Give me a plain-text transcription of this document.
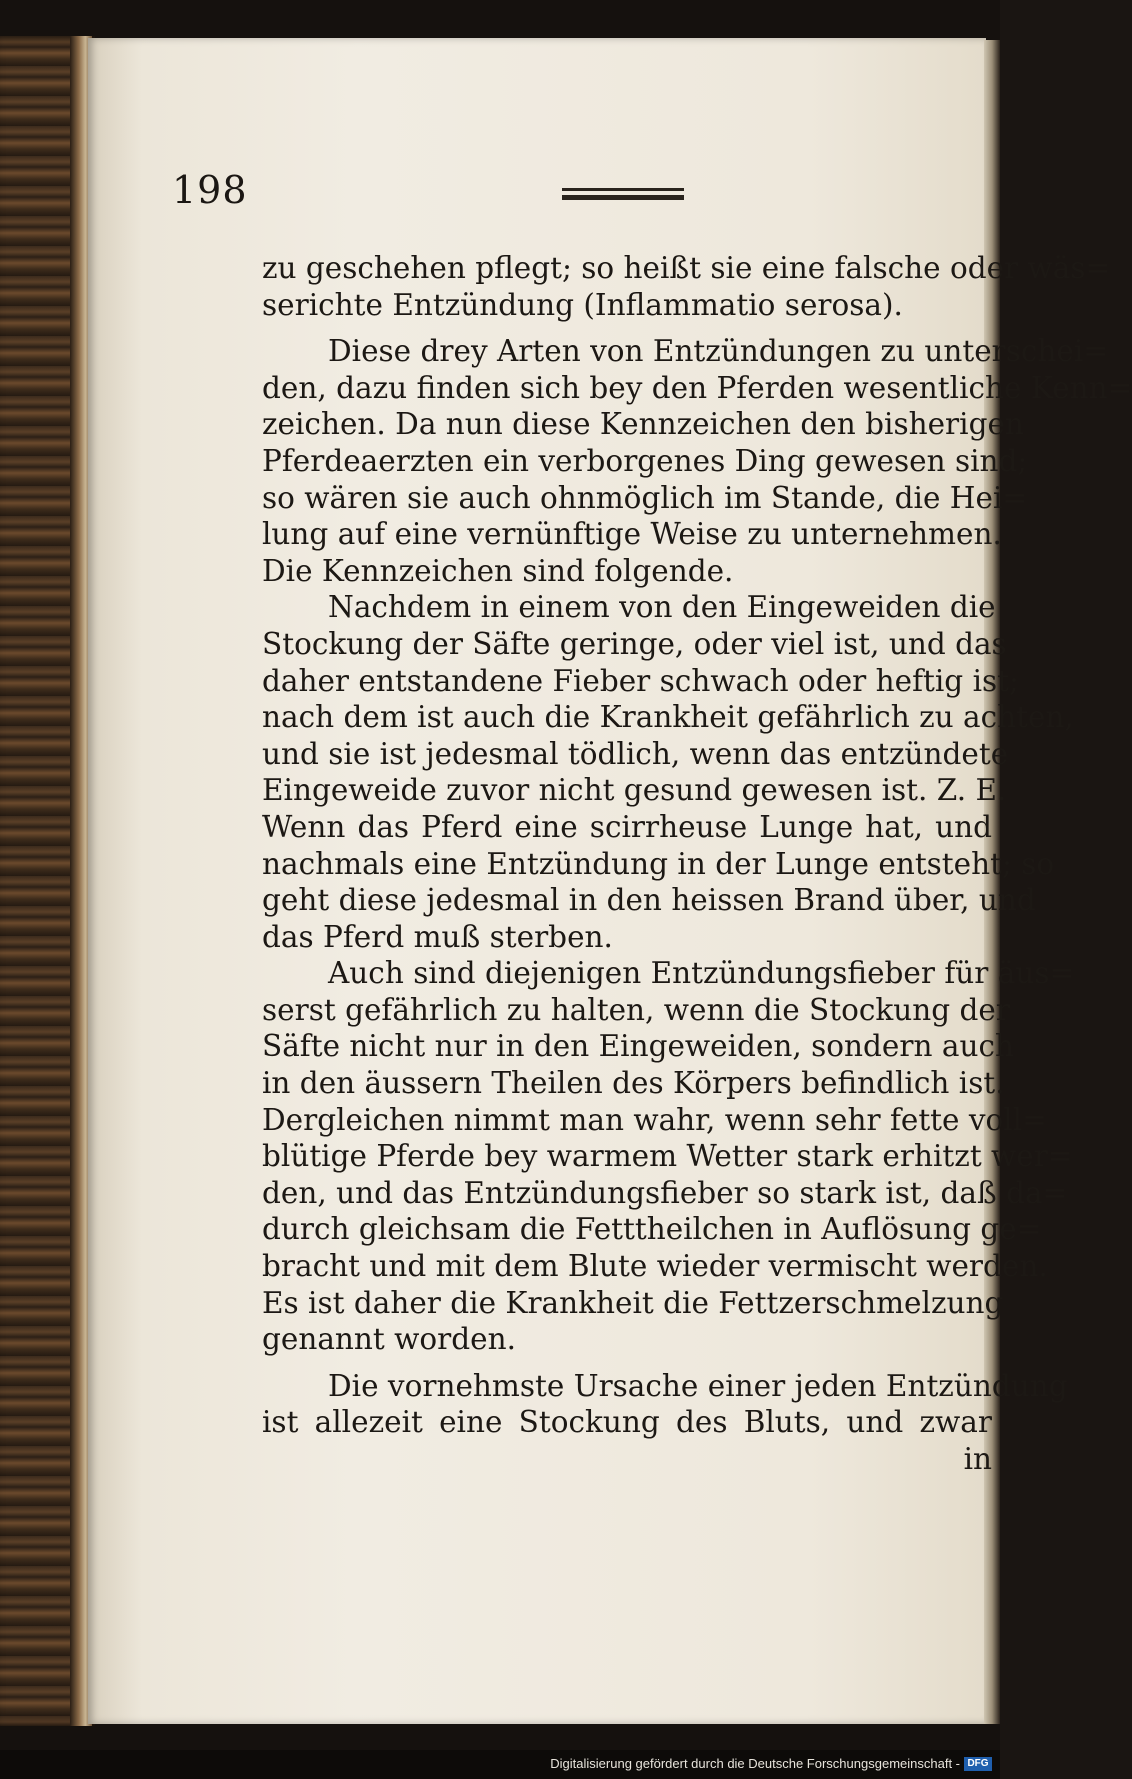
198
zu geschehen pflegt; so heißt sie eine falsche oder wäs=
serichte Entzündung (Inflammatio serosa).
Diese drey Arten von Entzündungen zu unterschei=
den, dazu finden sich bey den Pferden wesentliche Kenn=
zeichen. Da nun diese Kennzeichen den bisherigen
Pferdeaerzten ein verborgenes Ding gewesen sind;
so wären sie auch ohnmöglich im Stande, die Hei=
lung auf eine vernünftige Weise zu unternehmen.
Die Kennzeichen sind folgende.
Nachdem in einem von den Eingeweiden die
Stockung der Säfte geringe, oder viel ist, und das
daher entstandene Fieber schwach oder heftig ist;
nach dem ist auch die Krankheit gefährlich zu achten,
und sie ist jedesmal tödlich, wenn das entzündete
Eingeweide zuvor nicht gesund gewesen ist. Z. E.
Wenn das Pferd eine scirrheuse Lunge hat, und
nachmals eine Entzündung in der Lunge entsteht; so
geht diese jedesmal in den heissen Brand über, und
das Pferd muß sterben.
Auch sind diejenigen Entzündungsfieber für äus=
serst gefährlich zu halten, wenn die Stockung der
Säfte nicht nur in den Eingeweiden, sondern auch
in den äussern Theilen des Körpers befindlich ist.
Dergleichen nimmt man wahr, wenn sehr fette voll=
blütige Pferde bey warmem Wetter stark erhitzt wer=
den, und das Entzündungsfieber so stark ist, daß da=
durch gleichsam die Fetttheilchen in Auflösung ge=
bracht und mit dem Blute wieder vermischt werden.
Es ist daher die Krankheit die Fettzerschmelzung
genannt worden.
Die vornehmste Ursache einer jeden Entzündung
ist allezeit eine Stockung des Bluts, und zwar
in
Digitalisierung gefördert durch die Deutsche Forschungsgemeinschaft - DFG
